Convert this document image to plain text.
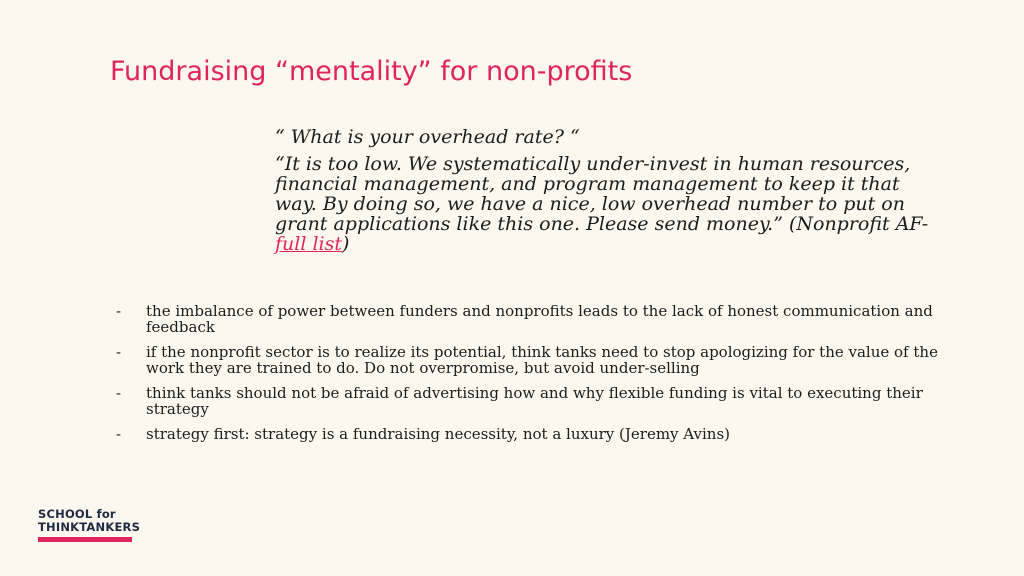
Fundraising “mentality” for non-profits

“ What is your overhead rate? “

“It is too low. We systematically under-invest in human resources, financial management, and program management to keep it that way. By doing so, we have a nice, low overhead number to put on grant applications like this one. Please send money.” (Nonprofit AF- full list)

- the imbalance of power between funders and nonprofits leads to the lack of honest communication and feedback
- if the nonprofit sector is to realize its potential, think tanks need to stop apologizing for the value of the work they are trained to do. Do not overpromise, but avoid under-selling
- think tanks should not be afraid of advertising how and why flexible funding is vital to executing their strategy
- strategy first: strategy is a fundraising necessity, not a luxury (Jeremy Avins)
SCHOOL for
THINKTANKERS
